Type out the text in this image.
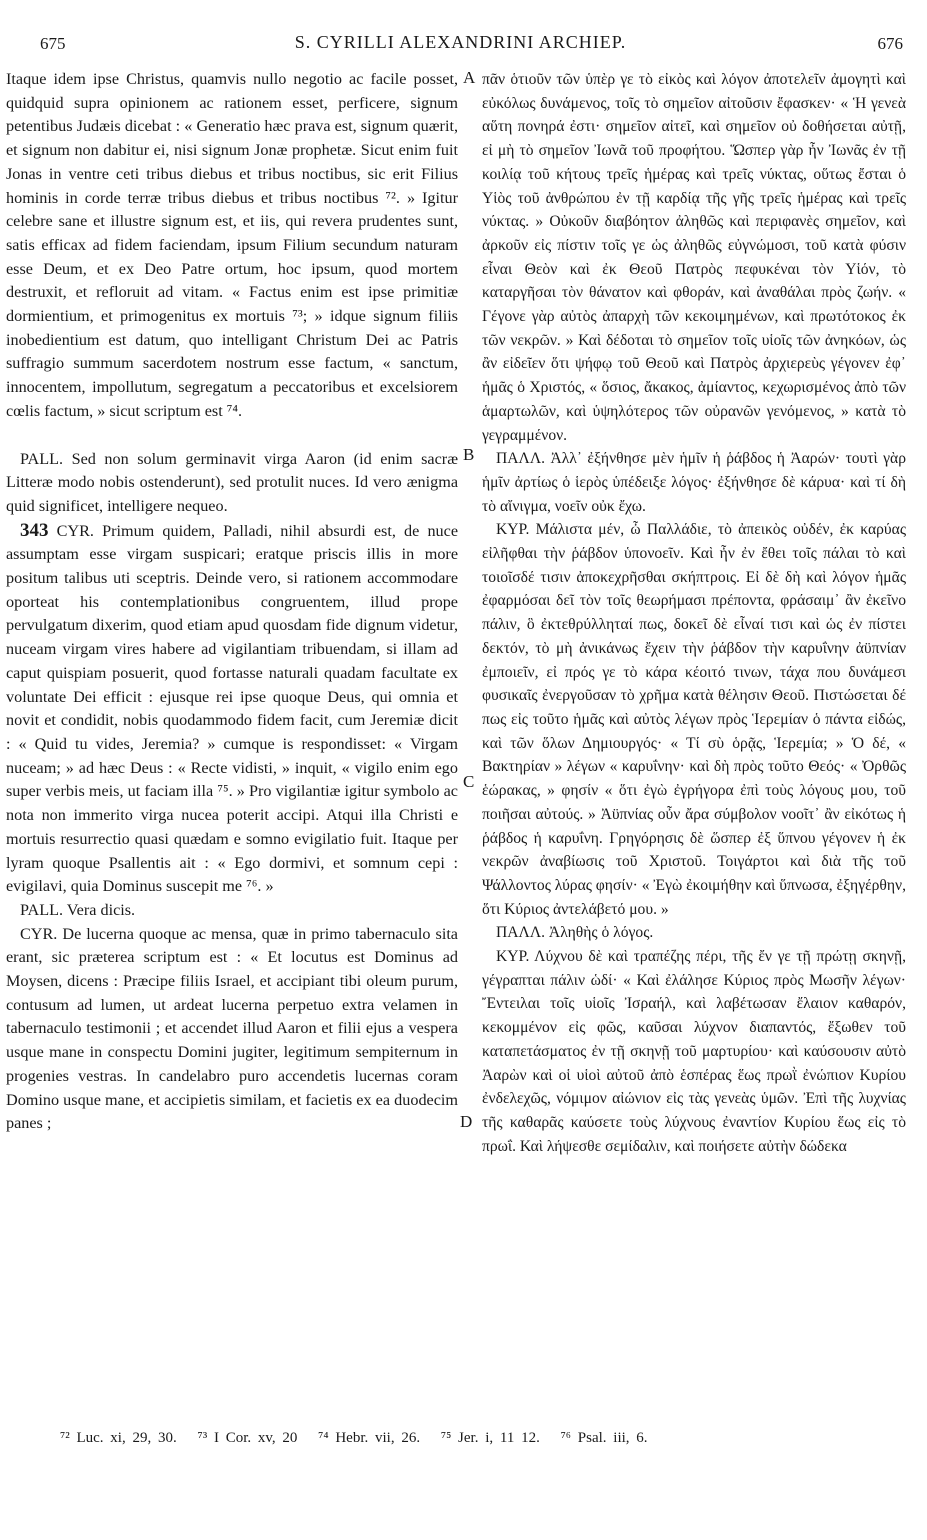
675	S. CYRILLI ALEXANDRINI ARCHIEP.	676

Itaque idem ipse Christus, quamvis nullo negotio ac facile posset, quidquid supra opinionem ac rationem esset, perficere, signum petentibus Judæis dicebat : « Generatio hæc prava est, signum quærit, et signum non dabitur ei, nisi signum Jonæ prophetæ. Sicut enim fuit Jonas in ventre ceti tribus diebus et tribus noctibus, sic erit Filius hominis in corde terræ tribus diebus et tribus noctibus ⁷². » Igitur celebre sane et illustre signum est, et iis, qui revera prudentes sunt, satis efficax ad fidem faciendam, ipsum Filium secundum naturam esse Deum, et ex Deo Patre ortum, hoc ipsum, quod mortem destruxit, et refloruit ad vitam. « Factus enim est ipse primitiæ dormientium, et primogenitus ex mortuis ⁷³; » idque signum filiis inobedientium est datum, quo intelligant Christum Dei ac Patris suffragio summum sacerdotem nostrum esse factum, « sanctum, innocentem, impollutum, segregatum a peccatoribus et excelsiorem cœlis factum, » sicut scriptum est ⁷⁴.

PALL. Sed non solum germinavit virga Aaron (id enim sacræ Litteræ modo nobis ostenderunt), sed protulit nuces. Id vero ænigma quid significet, intelligere nequeo.

343 CYR. Primum quidem, Palladi, nihil absurdi est, de nuce assumptam esse virgam suspicari; eratque priscis illis in more positum talibus uti sceptris. Deinde vero, si rationem accommodare oporteat his contemplationibus congruentem, illud prope pervulgatum dixerim, quod etiam apud quosdam fide dignum videtur, nuceam virgam vires habere ad vigilantiam tribuendam, si illam ad caput quispiam posuerit, quod fortasse naturali quadam facultate ex voluntate Dei efficit : ejusque rei ipse quoque Deus, qui omnia et novit et condidit, nobis quodammodo fidem facit, cum Jeremiæ dicit : « Quid tu vides, Jeremia? » cumque is respondisset: « Virgam nuceam; » ad hæc Deus : « Recte vidisti, » inquit, « vigilo enim ego super verbis meis, ut faciam illa ⁷⁵. » Pro vigilantiæ igitur symbolo ac nota non immerito virga nucea poterit accipi. Atqui illa Christi e mortuis resurrectio quasi quædam e somno evigilatio fuit. Itaque per lyram quoque Psallentis ait : « Ego dormivi, et somnum cepi : evigilavi, quia Dominus suscepit me ⁷⁶. »

PALL. Vera dicis.

CYR. De lucerna quoque ac mensa, quæ in primo tabernaculo sita erant, sic præterea scriptum est : « Et locutus est Dominus ad Moysen, dicens : Præcipe filiis Israel, et accipiant tibi oleum purum, contusum ad lumen, ut ardeat lucerna perpetuo extra velamen in tabernaculo testimonii ; et accendet illud Aaron et filii ejus a vespera usque mane in conspectu Domini jugiter, legitimum sempiternum in progenies vestras. In candelabro puro accendetis lucernas coram Domino usque mane, et accipietis similam, et facietis ex ea duodecim panes ;

A
B
C
D

πᾶν ὁτιοῦν τῶν ὑπὲρ γε τὸ εἰκὸς καὶ λόγον ἀποτελεῖν ἀμογητὶ καὶ εὐκόλως δυνάμενος, τοῖς τὸ σημεῖον αἰτοῦσιν ἔφασκεν· « Ἡ γενεὰ αὕτη πονηρά ἐστι· σημεῖον αἰτεῖ, καὶ σημεῖον οὐ δοθήσεται αὐτῇ, εἰ μὴ τὸ σημεῖον Ἰωνᾶ τοῦ προφήτου. Ὥσπερ γὰρ ἦν Ἰωνᾶς ἐν τῇ κοιλίᾳ τοῦ κήτους τρεῖς ἡμέρας καὶ τρεῖς νύκτας, οὕτως ἔσται ὁ Υἱὸς τοῦ ἀνθρώπου ἐν τῇ καρδίᾳ τῆς γῆς τρεῖς ἡμέρας καὶ τρεῖς νύκτας. » Οὐκοῦν διαβόητον ἀληθῶς καὶ περιφανὲς σημεῖον, καὶ ἀρκοῦν εἰς πίστιν τοῖς γε ὡς ἀληθῶς εὐγνώμοσι, τοῦ κατὰ φύσιν εἶναι Θεὸν καὶ ἐκ Θεοῦ Πατρὸς πεφυκέναι τὸν Υἱόν, τὸ καταργῆσαι τὸν θάνατον καὶ φθοράν, καὶ ἀναθάλαι πρὸς ζωήν. « Γέγονε γὰρ αὐτὸς ἀπαρχὴ τῶν κεκοιμημένων, καὶ πρωτότοκος ἐκ τῶν νεκρῶν. » Καὶ δέδοται τὸ σημεῖον τοῖς υἱοῖς τῶν ἀνηκόων, ὡς ἂν εἰδεῖεν ὅτι ψήφῳ τοῦ Θεοῦ καὶ Πατρὸς ἀρχιερεὺς γέγονεν ἐφ᾽ ἡμᾶς ὁ Χριστός, « ὅσιος, ἄκακος, ἀμίαντος, κεχωρισμένος ἀπὸ τῶν ἁμαρτωλῶν, καὶ ὑψηλότερος τῶν οὐρανῶν γενόμενος, » κατὰ τὸ γεγραμμένον.

ΠΑΛΛ. Ἀλλ᾽ ἐξήνθησε μὲν ἡμῖν ἡ ῥάβδος ἡ Ἀαρών· τουτὶ γὰρ ἡμῖν ἀρτίως ὁ ἱερὸς ὑπέδειξε λόγος· ἐξήνθησε δὲ κάρυα· καὶ τί δὴ τὸ αἴνιγμα, νοεῖν οὐκ ἔχω.

ΚΥΡ. Μάλιστα μέν, ὦ Παλλάδιε, τὸ ἀπεικὸς οὐδέν, ἐκ καρύας εἰλῆφθαι τὴν ῥάβδον ὑπονοεῖν. Καὶ ἦν ἐν ἔθει τοῖς πάλαι τὸ καὶ τοιοῖσδέ τισιν ἀποκεχρῆσθαι σκήπτροις. Εἰ δὲ δὴ καὶ λόγον ἡμᾶς ἐφαρμόσαι δεῖ τὸν τοῖς θεωρήμασι πρέποντα, φράσαιμ᾽ ἂν ἐκεῖνο πάλιν, ὃ ἐκτεθρύλληταί πως, δοκεῖ δὲ εἶναί τισι καὶ ὡς ἐν πίστει δεκτόν, τὸ μὴ ἀνικάνως ἔχειν τὴν ῥάβδον τὴν καρυΐνην ἀϋπνίαν ἐμποιεῖν, εἰ πρός γε τὸ κάρα κέοιτό τινων, τάχα που δυνάμεσι φυσικαῖς ἐνεργοῦσαν τὸ χρῆμα κατὰ θέλησιν Θεοῦ. Πιστώσεται δέ πως εἰς τοῦτο ἡμᾶς καὶ αὐτὸς λέγων πρὸς Ἱερεμίαν ὁ πάντα εἰδώς, καὶ τῶν ὅλων Δημιουργός· « Τί σὺ ὁρᾷς, Ἱερεμία; » Ὁ δέ, « Βακτηρίαν » λέγων « καρυΐνην· καὶ δὴ πρὸς τοῦτο Θεός· « Ὀρθῶς ἑώρακας, » φησίν « ὅτι ἐγὼ ἐγρήγορα ἐπὶ τοὺς λόγους μου, τοῦ ποιῆσαι αὐτούς. » Ἀϋπνίας οὖν ἄρα σύμβολον νοοῖτ᾽ ἂν εἰκότως ἡ ῥάβδος ἡ καρυΐνη. Γρηγόρησις δὲ ὥσπερ ἐξ ὕπνου γέγονεν ἡ ἐκ νεκρῶν ἀναβίωσις τοῦ Χριστοῦ. Τοιγάρτοι καὶ διὰ τῆς τοῦ Ψάλλοντος λύρας φησίν· « Ἐγὼ ἐκοιμήθην καὶ ὕπνωσα, ἐξηγέρθην, ὅτι Κύριος ἀντελάβετό μου. »

ΠΑΛΛ. Ἀληθὴς ὁ λόγος.

ΚΥΡ. Λύχνου δὲ καὶ τραπέζης πέρι, τῆς ἔν γε τῇ πρώτῃ σκηνῇ, γέγραπται πάλιν ὡδί· « Καὶ ἐλάλησε Κύριος πρὸς Μωσῆν λέγων· Ἔντειλαι τοῖς υἱοῖς Ἰσραήλ, καὶ λαβέτωσαν ἔλαιον καθαρόν, κεκομμένον εἰς φῶς, καῦσαι λύχνον διαπαντός, ἔξωθεν τοῦ καταπετάσματος ἐν τῇ σκηνῇ τοῦ μαρτυρίου· καὶ καύσουσιν αὐτὸ Ἀαρὼν καὶ οἱ υἱοὶ αὐτοῦ ἀπὸ ἑσπέρας ἕως πρωῒ ἐνώπιον Κυρίου ἐνδελεχῶς, νόμιμον αἰώνιον εἰς τὰς γενεὰς ὑμῶν. Ἐπὶ τῆς λυχνίας τῆς καθαρᾶς καύσετε τοὺς λύχνους ἐναντίον Κυρίου ἕως εἰς τὸ πρωΐ. Καὶ λήψεσθε σεμίδαλιν, καὶ ποιήσετε αὐτὴν δώδεκα

⁷² Luc. xi, 29, 30. ⁷³ I Cor. xv, 20 ⁷⁴ Hebr. vii, 26. ⁷⁵ Jer. i, 11 12. ⁷⁶ Psal. iii, 6.
